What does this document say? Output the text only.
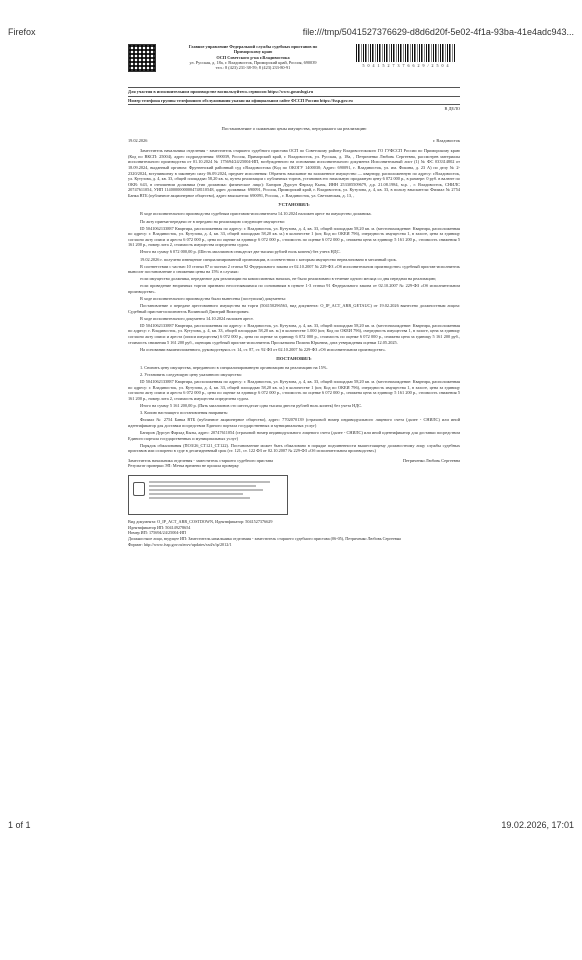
Firefox	file:///tmp/5041527376629-d8d6d20f-5e02-4f1a-93ba-41e4adc943...
Главное управление Федеральной службы судебных приставов по
Приморскому краю
ОСП Советского р-на г.Владивостока
ул. Русская, д. 18а, г. Владивосток, Приморский край, Россия, 690039
тел.: 8 (423) 231-38-59; 8 (423) 233-80-91	5 0 4 1 5 2 7 3 7 6 6 2 9 / 2 5 0 4
Для участия в исполнительном производстве воспользуйтесь сервисом https://www.gosuslugi.ru
Номер телефона группы телефонного обслуживания указан на официальном сайте ФССП России https://fssp.gov.ru
В ДЕЛО
Постановление о снижении цены имущества, переданного на реализацию
19.02.2026	г. Владивосток
Заместитель начальника отделения - заместитель старшего судебного пристава ОСП по Советскому району Владивостокского ГО ГУФССП России по Приморскому краю (Код по ВКСП: 25004), адрес подразделения: 690039, Россия, Приморский край, г. Владивосток, ул. Русская, д. 18а, , Петриченко Любовь Сергеевна, рассмотрев материалы исполнительного производства от 01.10.2024 № 175694/24/25004-ИП, возбужденного на основании исполнительного документа Исполнительный лист (1) № ФС 033314802 от 18.09.2024, выданный органом: Фрунзенский районный суд г.Владивостока (Код по ОКОГУ 1400030; Адрес: 690091, г. Владивосток, ул. им. Фокина, д. 23 А) по делу № 2-2320/2024, вступившему в законную силу 06.09.2024, предмет исполнения: Обратить взыскание на заложенное имущество — квартиру, расположенную по адресу: г.Владивосток, ул. Кутузова, д. 4, кв. 33, общей площадью 58,20 кв. м, путем реализации с публичных торгов, установив его начальную продажную цену 6 072 000 р., в размере: 0 руб. в валюте по ОКВ: 643, в отношении должника (тип должника: физическое лицо): Багиров Дурсун Фархад Кызы, ИНН 253305509679, д.р. 21.08.1984, м.р. , г. Владивосток, СНИЛС 20747611054, УИП 11400000000004748110548, адрес должника: 690091, Россия, Приморский край, г. Владивосток, ул. Кутузова, д. 4, кв. 33, в пользу взыскателя: Филиал № 2754 Банка ВТБ (публичное акционерное общество), адрес взыскателя: 690091, Россия, , г. Владивосток, ул. Светланская, д. 13, ,
УСТАНОВИЛ:
В ходе исполнительного производства судебным приставом-исполнителем 14.10.2024 наложен арест на имущество должника.
По акту приема-передачи от в передано на реализацию следующее имущество:
ID 5041062133887 Квартира, расположенная по адресу: г. Владивосток, ул. Кутузова, д. 4, кв. 33, общей площадью 58,20 кв. м. (местонахождение: Квартира, расположенная по адресу: г. Владивосток, ул. Кутузова, д. 4, кв. 33, общей площадью 58,20 кв. м.) в количестве 1 (шт, Код по ОКЕИ 796), очередность имущества 1, в залоге, цена за единицу согласно акту описи и ареста 6 072 000 р., цена по оценке за единицу 6 072 000 р., стоимость по оценке 6 072 000 р., снижена цена за единицу 5 161 200 р., стоимость снижения 5 161 200 р., номер лота 2, стоимость имущества определена судом.
Итого на сумму 6 072 000,00 р. (Шесть миллионов семьдесят две тысячи рублей ноль копеек) без учета НДС.
19.02.2026 г. получено извещение специализированной организации, в соответствии с которым имущество нереализовано в месячный срок.
В соответствии с частью 10 статьи 87 и частью 2 статьи 92 Федерального закона от 02.10.2007 № 229-ФЗ «Об исполнительном производстве» судебный пристав-исполнитель выносит постановление о снижении цены на 15% в случаях:
если имущество должника, переданное для реализации на комиссионных началах, не было реализовано в течение одного месяца со дня передачи на реализацию;
если проведение вторичных торгов признано несостоявшимся по основаниям в пункте 1-3 статьи 91 Федерального закона от 02.10.2007 № 229-ФЗ «Об исполнительном производстве».
В ходе исполнительного производства были вынесены (поступили) документы:
Постановление о передаче арестованного имущества на торги (504150296563, вид документа: O_IP_ACT_ARR_GETAUC) от 19.02.2026 вынесено должностным лицом: Судебный пристав-исполнитель Волинской Дмитрий Викторович.
В ходе исполнительного документа 14.10.2024 наложен арест.
ID 5041062133887 Квартира, расположенная по адресу: г. Владивосток, ул. Кутузова, д. 4, кв. 33, общей площадью 58,20 кв. м. (местонахождение: Квартира, расположенная по адресу: г. Владивосток, ул. Кутузова, д. 4, кв. 33, общей площадью 58,20 кв. м.) в количестве 1.000 (шт, Код по ОКЕИ 796), очередность имущества 1, в залоге, цена за единицу согласно акту описи и ареста (описи имущества) 6 072 000 р., цена по оценке за единицу 6 072 000 р., стоимость по оценке 6 072 000 р., снижена цена за единицу 5 161 200 руб., стоимость снижения 5 161 200 руб., оценщик судебный пристав-исполнитель Проскаткина Полина Юрьевна, дата утверждения оценки 12.05.2025.
На основании вышеизложенного, руководствуясь ст. 14, ст. 87, ст. 92 ФЗ от 02.10.2007 № 229-ФЗ «Об исполнительном производстве».
ПОСТАНОВИЛ:
1. Снизить цену имущества, переданного в специализированную организацию на реализацию на 15%.
2. Установить следующую цену указанного имущества:
ID 5041062133887 Квартира, расположенная по адресу: г. Владивосток, ул. Кутузова, д. 4, кв. 33, общей площадью 58,20 кв. м. (местонахождение: Квартира, расположенная по адресу: г. Владивосток, ул. Кутузова, д. 4, кв. 33, общей площадью 58,20 кв. м.) в количестве 1 (шт, Код по ОКЕИ 796), очередность имущества 1, в залоге, цена за единицу согласно акту описи и ареста 6 072 000 р., цена по оценке за единицу 6 072 000 р., стоимость по оценке 6 072 000 р., снижена цена за единицу 5 161 200 р., стоимость снижения 5 161 200 р., номер лота 2, стоимость имущества определена судом.
Итого на сумму 5 161 200,00 р. (Пять миллионов сто шестьдесят одна тысяча двести рублей ноль копеек) без учета НДС.
3. Копию настоящего постановления направить:
Филиал № 2754 Банка ВТБ (публичное акционерное общество), адрес: 7702070139 (страховой номер индивидуального лицевого счета (далее - СНИЛС) или иной идентификатор для доставки посредством Единого портала государственных и муниципальных услуг)
Багиров Дурсун Фархад Кызы, адрес: 20747611054 (страховой номер индивидуального лицевого счета (далее - СНИЛС) или иной идентификатор для доставки посредством Единого портала государственных и муниципальных услуг)
Порядок обжалования (ПОЗ/26_СТ121_СТ122). Постановление может быть обжаловано в порядке подчиненности вышестоящему должностному лицу службы судебных приставов или оспорено в суде в десятидневный срок (ст. 121, ст. 122 ФЗ от 02.10.2007 № 229-ФЗ «Об исполнительном производстве»)
Заместитель начальника отделения - заместитель старшего судебного пристава	Петриченко Любовь Сергеевна
Результат проверки ЭП: Метка времени не прошла проверку
Вид документа: O_IP_ACT_ARR_COSTDOWN, Идентификатор: 5041527376629
Идентификатор ИП: 504149278654
Номер ИП: 175694/24/25004-ИП
Должностное лицо, ведущее ИП: Заместитель начальника отделения - заместитель старшего судебного пристава (06-05), Петриченко Любовь Сергеевна
Формат: http://www.fssp.gov.ru/mvv/updates/xsd/s/ip/2012/1
1 of 1	19.02.2026, 17:01
